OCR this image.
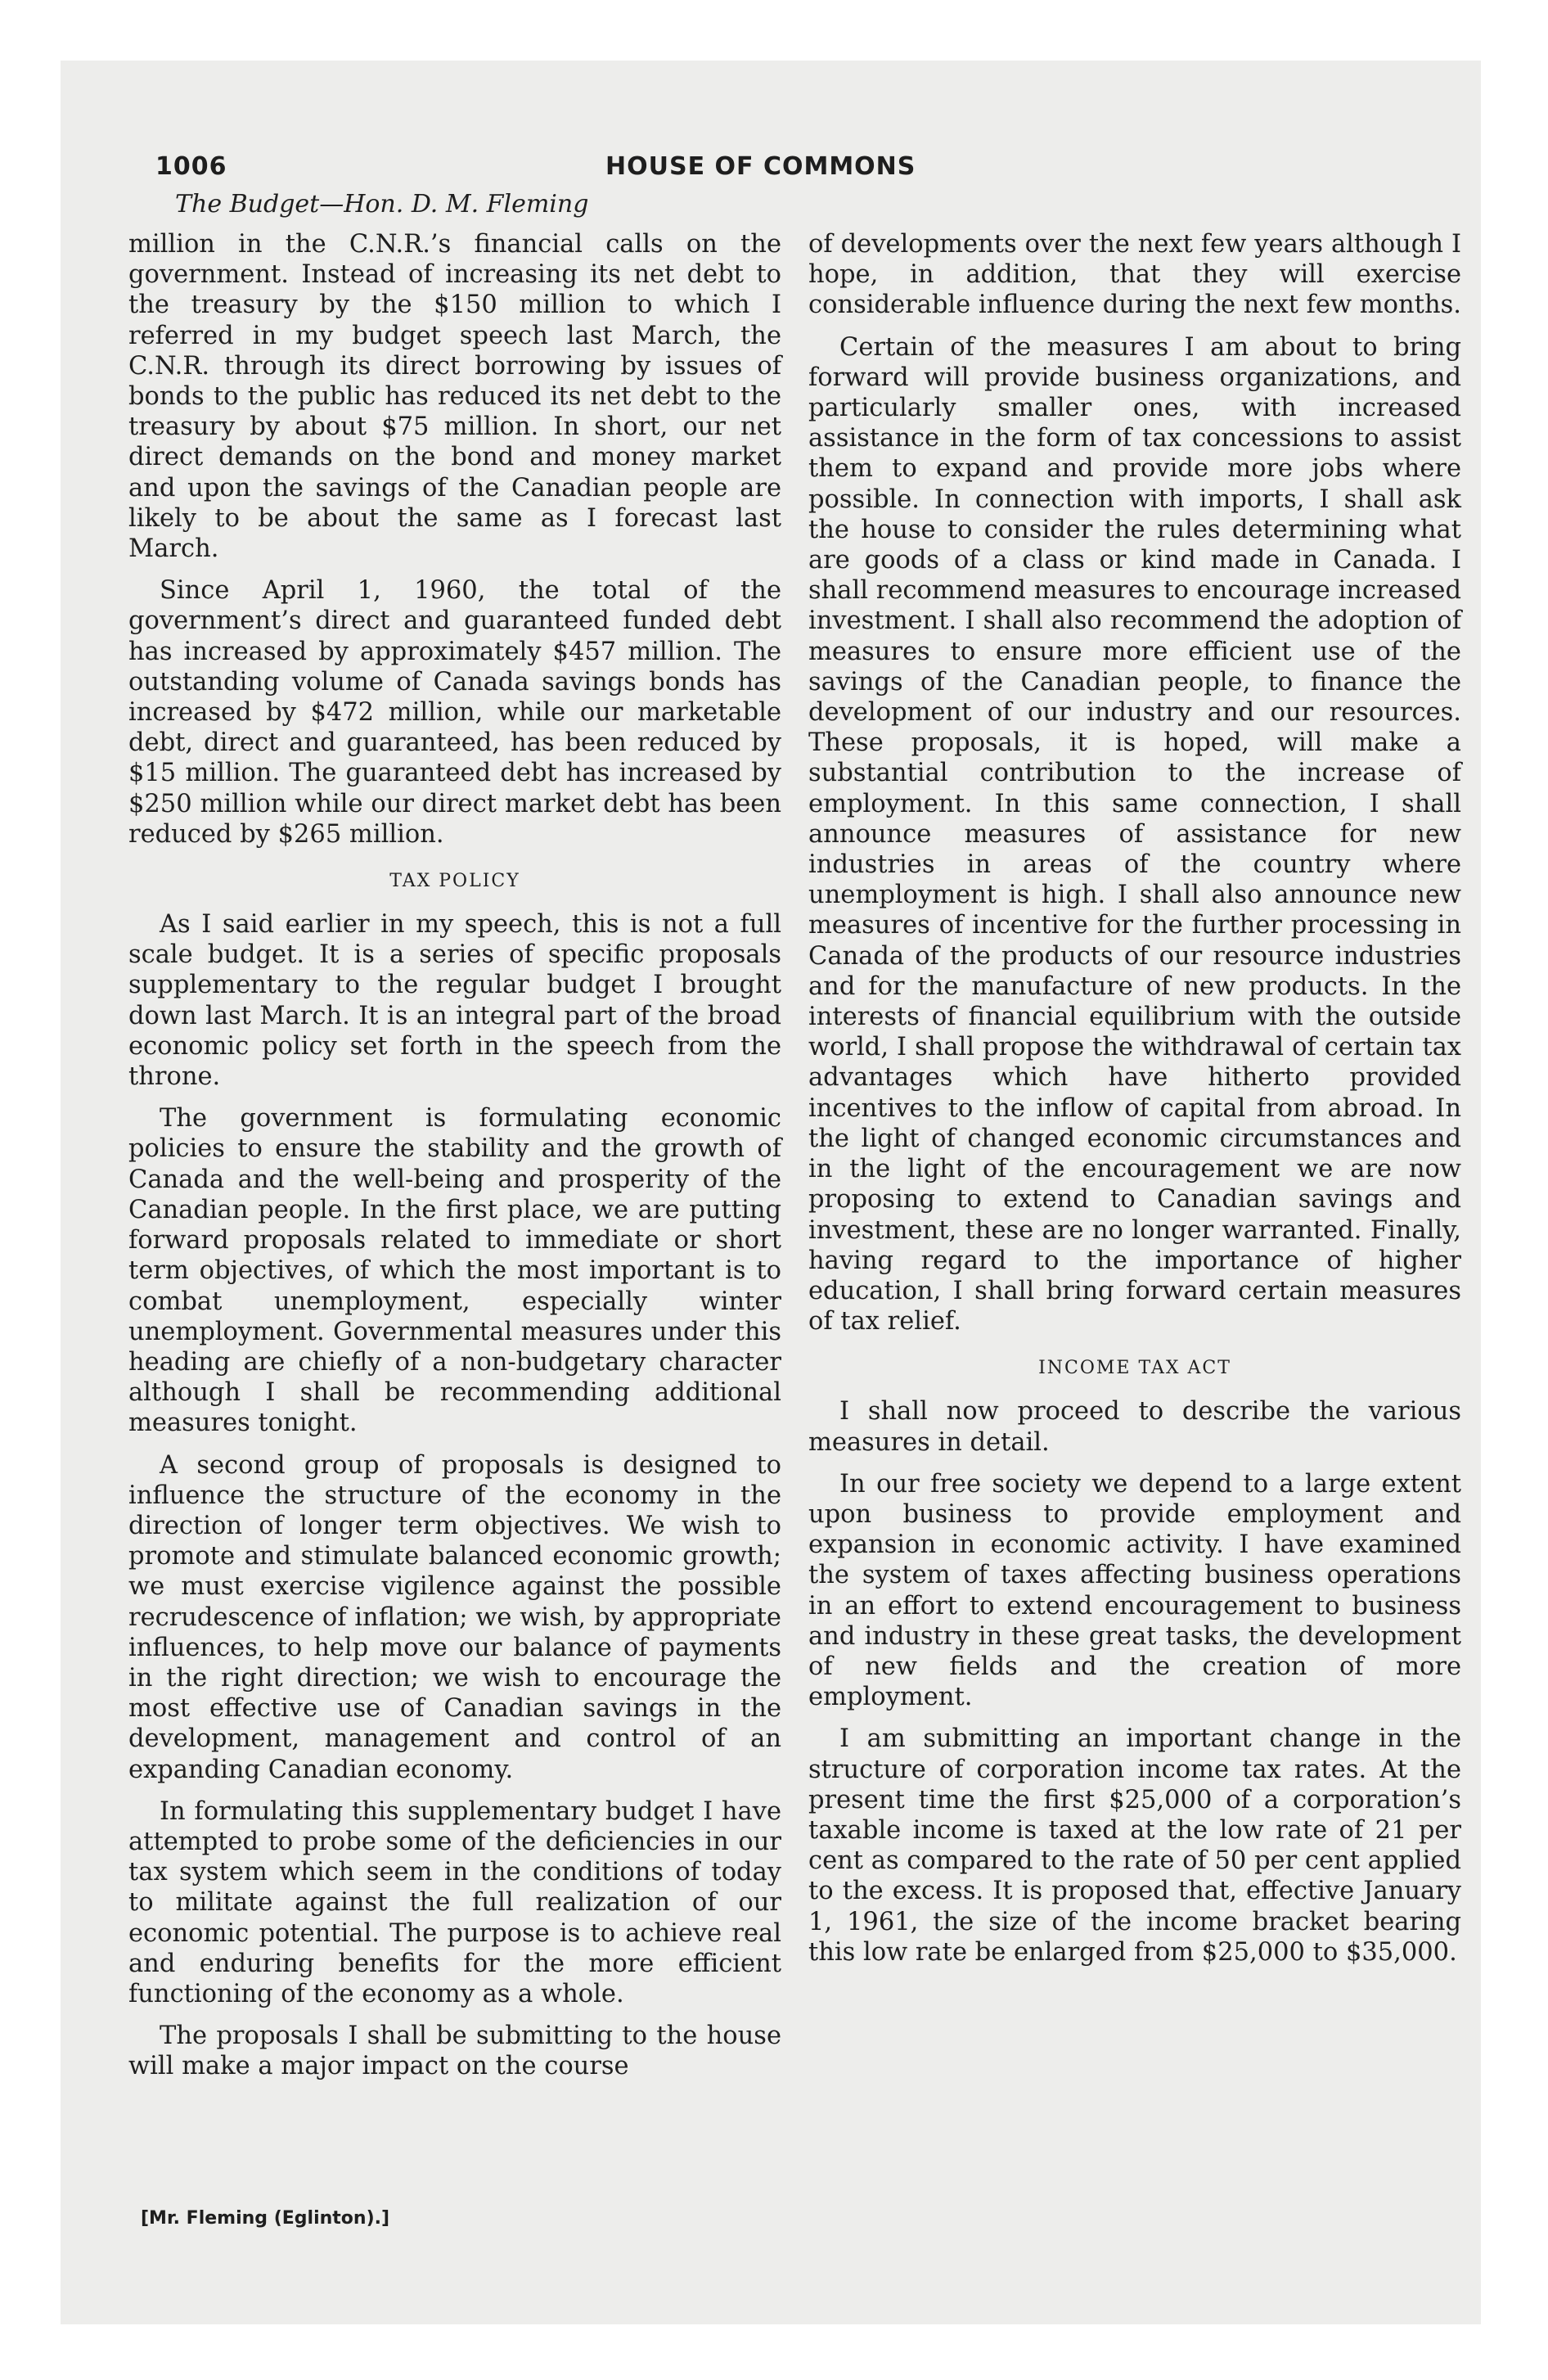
1006	HOUSE OF COMMONS
The Budget—Hon. D. M. Fleming
million in the C.N.R.’s financial calls on the government. Instead of increasing its net debt to the treasury by the $150 million to which I referred in my budget speech last March, the C.N.R. through its direct borrowing by issues of bonds to the public has reduced its net debt to the treasury by about $75 million. In short, our net direct demands on the bond and money market and upon the savings of the Canadian people are likely to be about the same as I forecast last March.
Since April 1, 1960, the total of the government’s direct and guaranteed funded debt has increased by approximately $457 million. The outstanding volume of Canada savings bonds has increased by $472 million, while our marketable debt, direct and guaranteed, has been reduced by $15 million. The guaranteed debt has increased by $250 million while our direct market debt has been reduced by $265 million.
TAX POLICY
As I said earlier in my speech, this is not a full scale budget. It is a series of specific proposals supplementary to the regular budget I brought down last March. It is an integral part of the broad economic policy set forth in the speech from the throne.
The government is formulating economic policies to ensure the stability and the growth of Canada and the well-being and prosperity of the Canadian people. In the first place, we are putting forward proposals related to immediate or short term objectives, of which the most important is to combat unemployment, especially winter unemployment. Governmental measures under this heading are chiefly of a non-budgetary character although I shall be recommending additional measures tonight.
A second group of proposals is designed to influence the structure of the economy in the direction of longer term objectives. We wish to promote and stimulate balanced economic growth; we must exercise vigilence against the possible recrudescence of inflation; we wish, by appropriate influences, to help move our balance of payments in the right direction; we wish to encourage the most effective use of Canadian savings in the development, management and control of an expanding Canadian economy.
In formulating this supplementary budget I have attempted to probe some of the deficiencies in our tax system which seem in the conditions of today to militate against the full realization of our economic potential. The purpose is to achieve real and enduring benefits for the more efficient functioning of the economy as a whole.
The proposals I shall be submitting to the house will make a major impact on the course
of developments over the next few years although I hope, in addition, that they will exercise considerable influence during the next few months.
Certain of the measures I am about to bring forward will provide business organizations, and particularly smaller ones, with increased assistance in the form of tax concessions to assist them to expand and provide more jobs where possible. In connection with imports, I shall ask the house to consider the rules determining what are goods of a class or kind made in Canada. I shall recommend measures to encourage increased investment. I shall also recommend the adoption of measures to ensure more efficient use of the savings of the Canadian people, to finance the development of our industry and our resources. These proposals, it is hoped, will make a substantial contribution to the increase of employment. In this same connection, I shall announce measures of assistance for new industries in areas of the country where unemployment is high. I shall also announce new measures of incentive for the further processing in Canada of the products of our resource industries and for the manufacture of new products. In the interests of financial equilibrium with the outside world, I shall propose the withdrawal of certain tax advantages which have hitherto provided incentives to the inflow of capital from abroad. In the light of changed economic circumstances and in the light of the encouragement we are now proposing to extend to Canadian savings and investment, these are no longer warranted. Finally, having regard to the importance of higher education, I shall bring forward certain measures of tax relief.
INCOME TAX ACT
I shall now proceed to describe the various measures in detail.
In our free society we depend to a large extent upon business to provide employment and expansion in economic activity. I have examined the system of taxes affecting business operations in an effort to extend encouragement to business and industry in these great tasks, the development of new fields and the creation of more employment.
I am submitting an important change in the structure of corporation income tax rates. At the present time the first $25,000 of a corporation’s taxable income is taxed at the low rate of 21 per cent as compared to the rate of 50 per cent applied to the excess. It is proposed that, effective January 1, 1961, the size of the income bracket bearing this low rate be enlarged from $25,000 to $35,000.
[Mr. Fleming (Eglinton).]
